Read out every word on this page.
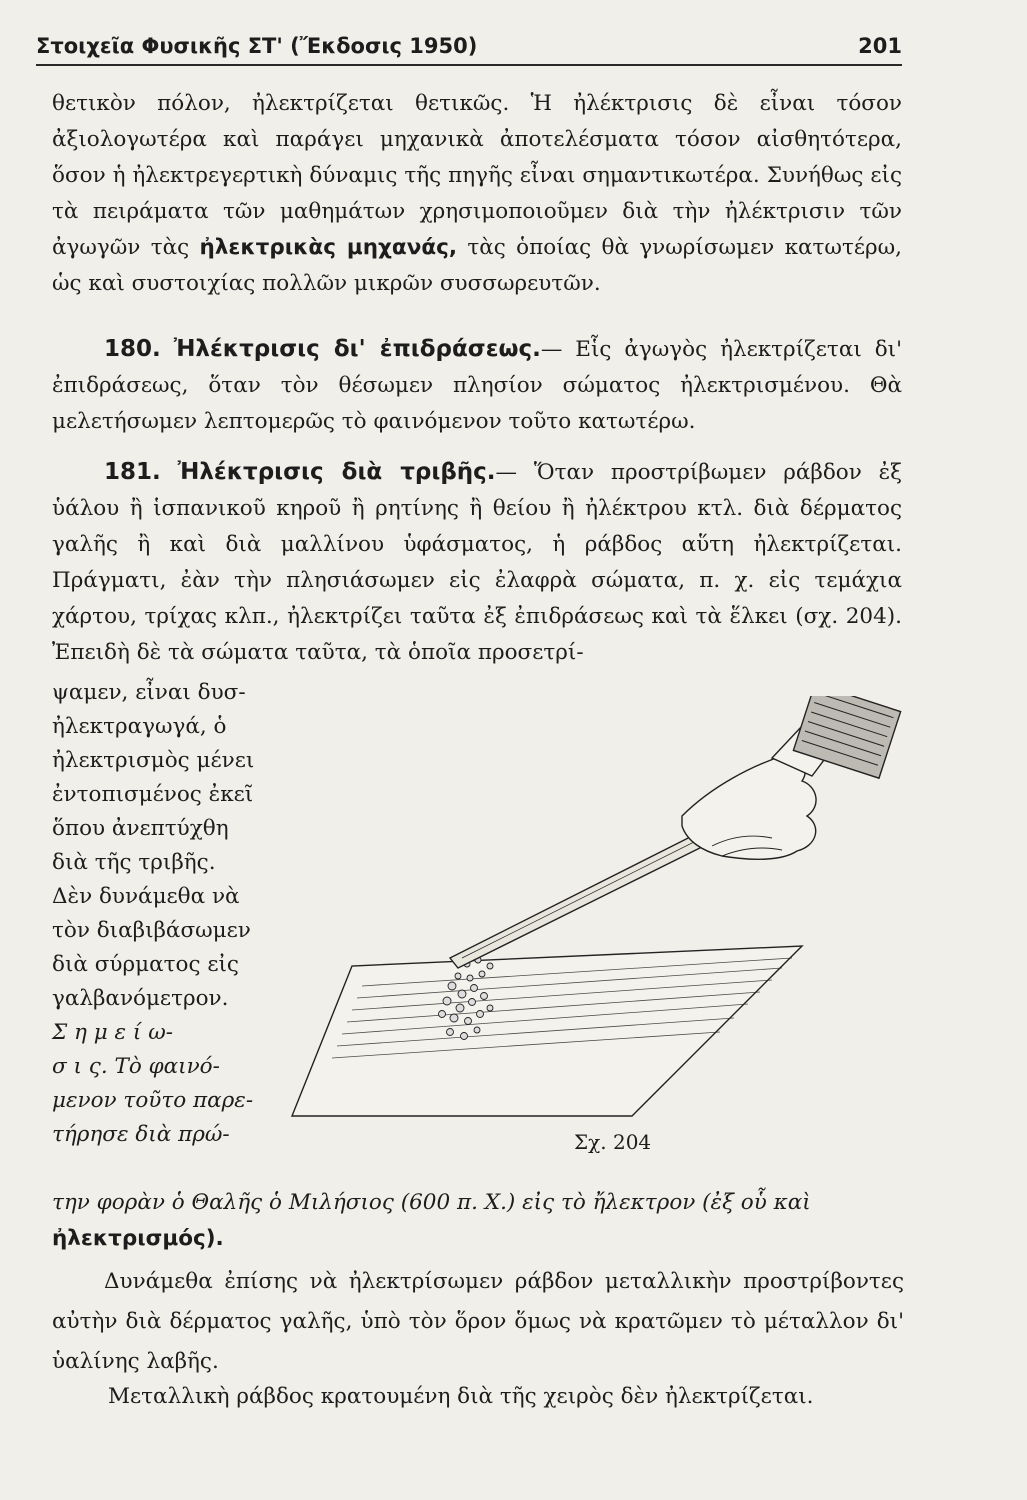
Στοιχεῖα Φυσικῆς ΣΤ' (Ἔκδοσις 1950)	201
θετικὸν πόλον, ἠλεκτρίζεται θετικῶς. Ἡ ἠλέκτρισις δὲ εἶναι τόσον ἀξιολογωτέρα καὶ παράγει μηχανικὰ ἀποτελέσματα τόσον αἰσθητότερα, ὅσον ἡ ἠλεκτρεγερτικὴ δύναμις τῆς πηγῆς εἶναι σημαντικωτέρα. Συνήθως εἰς τὰ πειράματα τῶν μαθημάτων χρησιμοποιοῦμεν διὰ τὴν ἠλέκτρισιν τῶν ἀγωγῶν τὰς ἠλεκτρικὰς μηχανάς, τὰς ὁποίας θὰ γνωρίσωμεν κατωτέρω, ὡς καὶ συστοιχίας πολλῶν μικρῶν συσσωρευτῶν.
180. Ἠλέκτρισις δι' ἐπιδράσεως.— Εἷς ἀγωγὸς ἠλεκτρίζεται δι' ἐπιδράσεως, ὅταν τὸν θέσωμεν πλησίον σώματος ἠλεκτρισμένου. Θὰ μελετήσωμεν λεπτομερῶς τὸ φαινόμενον τοῦτο κατωτέρω.
181. Ἠλέκτρισις διὰ τριβῆς.— Ὅταν προστρίβωμεν ράβδον ἐξ ὑάλου ἢ ἱσπανικοῦ κηροῦ ἢ ρητίνης ἢ θείου ἢ ἠλέκτρου κτλ. διὰ δέρματος γαλῆς ἢ καὶ διὰ μαλλίνου ὑφάσματος, ἡ ράβδος αὕτη ἠλεκτρίζεται. Πράγματι, ἐὰν τὴν πλησιάσωμεν εἰς ἐλαφρὰ σώματα, π. χ. εἰς τεμάχια χάρτου, τρίχας κλπ., ἠλεκτρίζει ταῦτα ἐξ ἐπιδράσεως καὶ τὰ ἕλκει (σχ. 204). Ἐπειδὴ δὲ τὰ σώματα ταῦτα, τὰ ὁποῖα προσετρί-
ψαμεν, εἶναι δυσ-
ἠλεκτραγωγά, ὁ
ἠλεκτρισμὸς μένει
ἐντοπισμένος ἐκεῖ
ὅπου ἀνεπτύχθη
διὰ τῆς τριβῆς.
Δὲν δυνάμεθα νὰ
τὸν διαβιβάσωμεν
διὰ σύρματος εἰς
γαλβανόμετρον.
Σ η μ ε ί ω-
σ ι ς. Τὸ φαινό-
μενον τοῦτο παρε-
τήρησε διὰ πρώ-	Σχ. 204
την φορὰν ὁ Θαλῆς ὁ Μιλήσιος (600 π. Χ.) εἰς τὸ ἤλεκτρον (ἐξ οὗ καὶ
ἠλεκτρισμός).
Δυνάμεθα ἐπίσης νὰ ἠλεκτρίσωμεν ράβδον μεταλλικὴν προστρίβοντες αὐτὴν διὰ δέρματος γαλῆς, ὑπὸ τὸν ὅρον ὅμως νὰ κρατῶμεν τὸ μέταλλον δι' ὑαλίνης λαβῆς.
Μεταλλικὴ ράβδος κρατουμένη διὰ τῆς χειρὸς δὲν ἠλεκτρίζεται.
